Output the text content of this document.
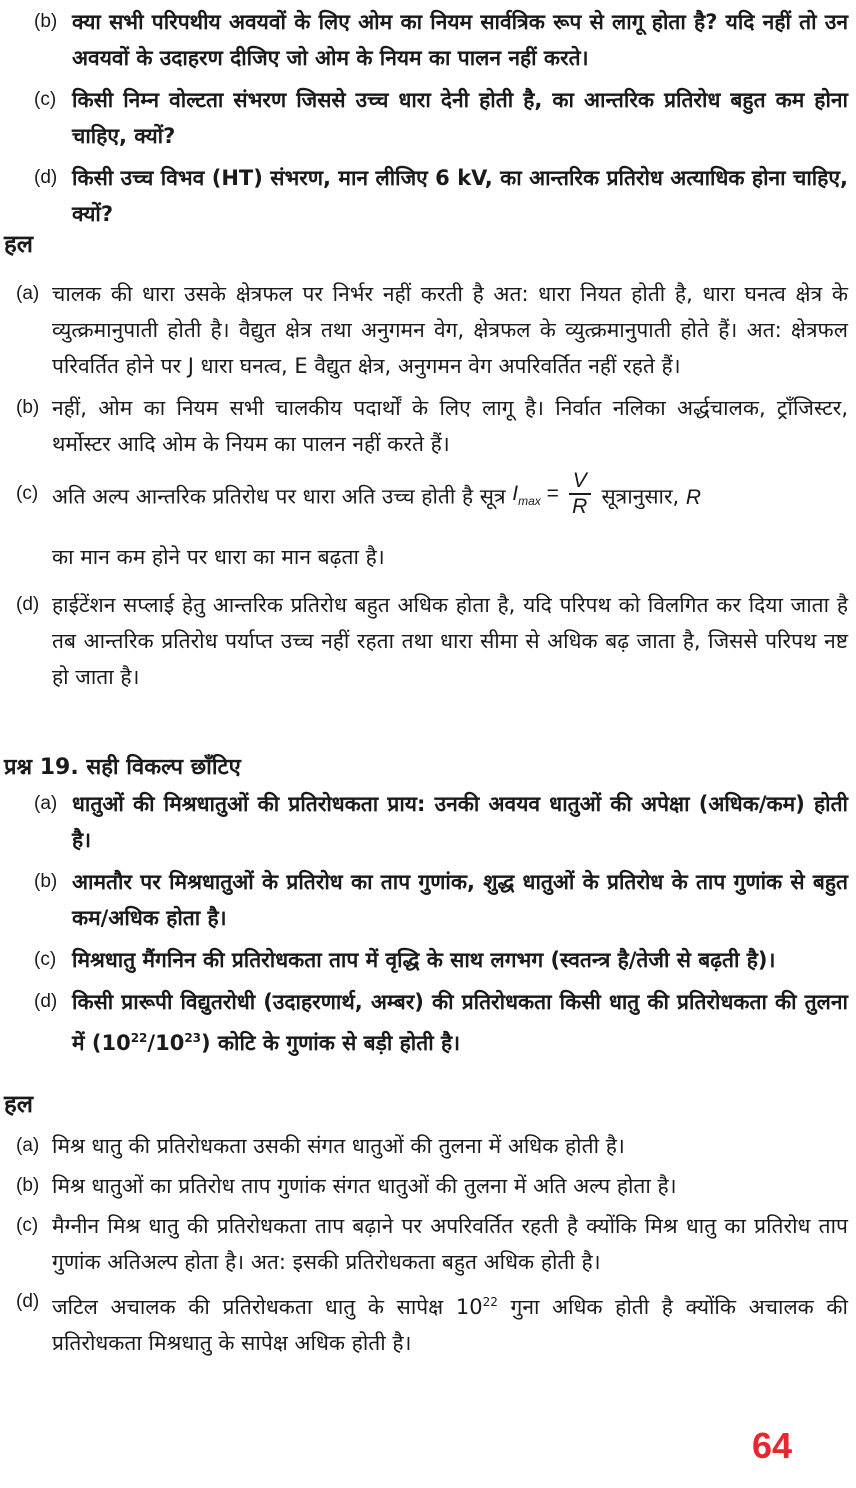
(b) क्या सभी परिपथीय अवयवों के लिए ओम का नियम सार्वत्रिक रूप से लागू होता है? यदि नहीं तो उन अवयवों के उदाहरण दीजिए जो ओम के नियम का पालन नहीं करते।
(c) किसी निम्न वोल्टता संभरण जिससे उच्च धारा देनी होती है, का आन्तरिक प्रतिरोध बहुत कम होना चाहिए, क्यों?
(d) किसी उच्च विभव (HT) संभरण, मान लीजिए 6 kV, का आन्तरिक प्रतिरोध अत्याधिक होना चाहिए, क्यों?
हल
(a) चालक की धारा उसके क्षेत्रफल पर निर्भर नहीं करती है अत: धारा नियत होती है, धारा घनत्व क्षेत्र के व्युत्क्रमानुपाती होती है। वैद्युत क्षेत्र तथा अनुगमन वेग, क्षेत्रफल के व्युत्क्रमानुपाती होते हैं। अत: क्षेत्रफल परिवर्तित होने पर J धारा घनत्व, E वैद्युत क्षेत्र, अनुगमन वेग अपरिवर्तित नहीं रहते हैं।
(b) नहीं, ओम का नियम सभी चालकीय पदार्थों के लिए लागू है। निर्वात नलिका अर्द्धचालक, ट्रॉंजिस्टर, थर्मोस्टर आदि ओम के नियम का पालन नहीं करते हैं।
(c) अति अल्प आन्तरिक प्रतिरोध पर धारा अति उच्च होती है सूत्र $I_{max} = \frac{V}{R}$ सूत्रानुसार, R
का मान कम होने पर धारा का मान बढ़ता है।
(d) हाईटेंशन सप्लाई हेतु आन्तरिक प्रतिरोध बहुत अधिक होता है, यदि परिपथ को विलगित कर दिया जाता है तब आन्तरिक प्रतिरोध पर्याप्त उच्च नहीं रहता तथा धारा सीमा से अधिक बढ़ जाता है, जिससे परिपथ नष्ट हो जाता है।
प्रश्न 19. सही विकल्प छाँटिए
(a) धातुओं की मिश्रधातुओं की प्रतिरोधकता प्राय: उनकी अवयव धातुओं की अपेक्षा (अधिक/कम) होती है।
(b) आमतौर पर मिश्रधातुओं के प्रतिरोध का ताप गुणांक, शुद्ध धातुओं के प्रतिरोध के ताप गुणांक से बहुत कम/अधिक होता है।
(c) मिश्रधातु मैंगनिन की प्रतिरोधकता ताप में वृद्धि के साथ लगभग (स्वतन्त्र है/तेजी से बढ़ती है)।
(d) किसी प्रारूपी विद्युतरोधी (उदाहरणार्थ, अम्बर) की प्रतिरोधकता किसी धातु की प्रतिरोधकता की तुलना में $(10^{22}/10^{23})$ कोटि के गुणांक से बड़ी होती है।
हल
(a) मिश्र धातु की प्रतिरोधकता उसकी संगत धातुओं की तुलना में अधिक होती है।
(b) मिश्र धातुओं का प्रतिरोध ताप गुणांक संगत धातुओं की तुलना में अति अल्प होता है।
(c) मैग्नीन मिश्र धातु की प्रतिरोधकता ताप बढ़ाने पर अपरिवर्तित रहती है क्योंकि मिश्र धातु का प्रतिरोध ताप गुणांक अतिअल्प होता है। अत: इसकी प्रतिरोधकता बहुत अधिक होती है।
(d) जटिल अचालक की प्रतिरोधकता धातु के सापेक्ष $10^{22}$ गुना अधिक होती है क्योंकि अचालक की प्रतिरोधकता मिश्रधातु के सापेक्ष अधिक होती है।
64
